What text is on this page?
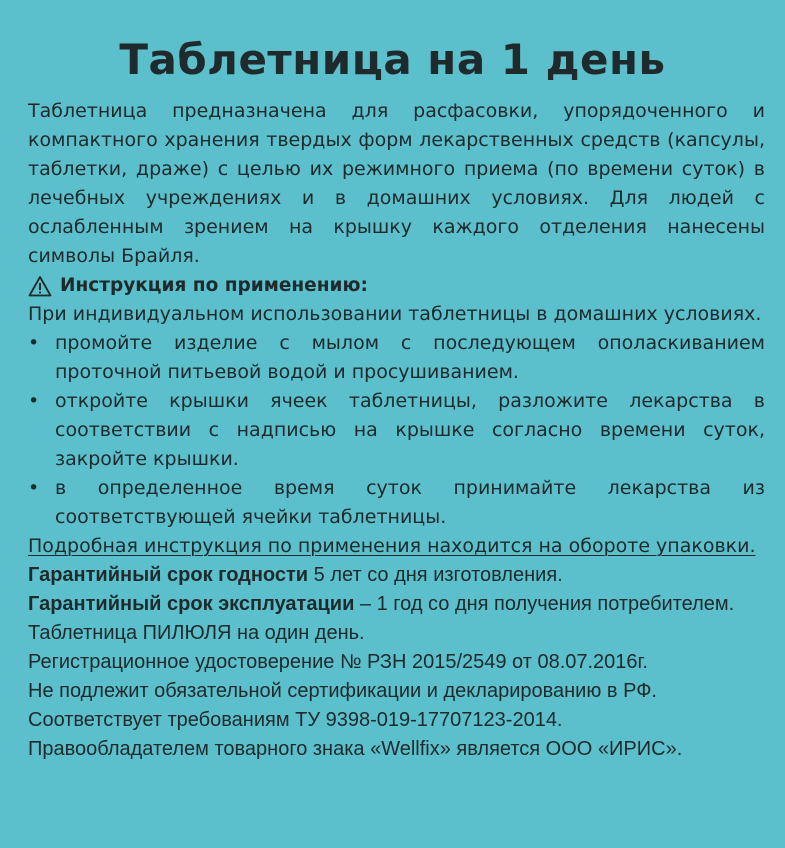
Таблетница на 1 день

Таблетница предназначена для расфасовки, упорядоченного и компактного хранения твердых форм лекарственных средств (капсулы, таблетки, драже) с целью их режимного приема (по времени суток) в лечебных учреждениях и в домашних условиях. Для людей с ослабленным зрением на крышку каждого отделения нанесены символы Брайля.

Инструкция по применению:

При индивидуальном использовании таблетницы в домашних условиях.

• промойте изделие с мылом с последующем ополаскиванием проточной питьевой водой и просушиванием.
• откройте крышки ячеек таблетницы, разложите лекарства в соответствии с надписью на крышке согласно времени суток, закройте крышки.
• в определенное время суток принимайте лекарства из соответствующей ячейки таблетницы.

Подробная инструкция по применения находится на обороте упаковки.

Гарантийный срок годности 5 лет со дня изготовления.

Гарантийный срок эксплуатации – 1 год со дня получения потребителем.

Таблетница ПИЛЮЛЯ на один день.

Регистрационное удостоверение № РЗН 2015/2549 от 08.07.2016г.

Не подлежит обязательной сертификации и декларированию в РФ.

Соответствует требованиям ТУ 9398-019-17707123-2014.

Правообладателем товарного знака «Wellfix» является ООО «ИРИС».
